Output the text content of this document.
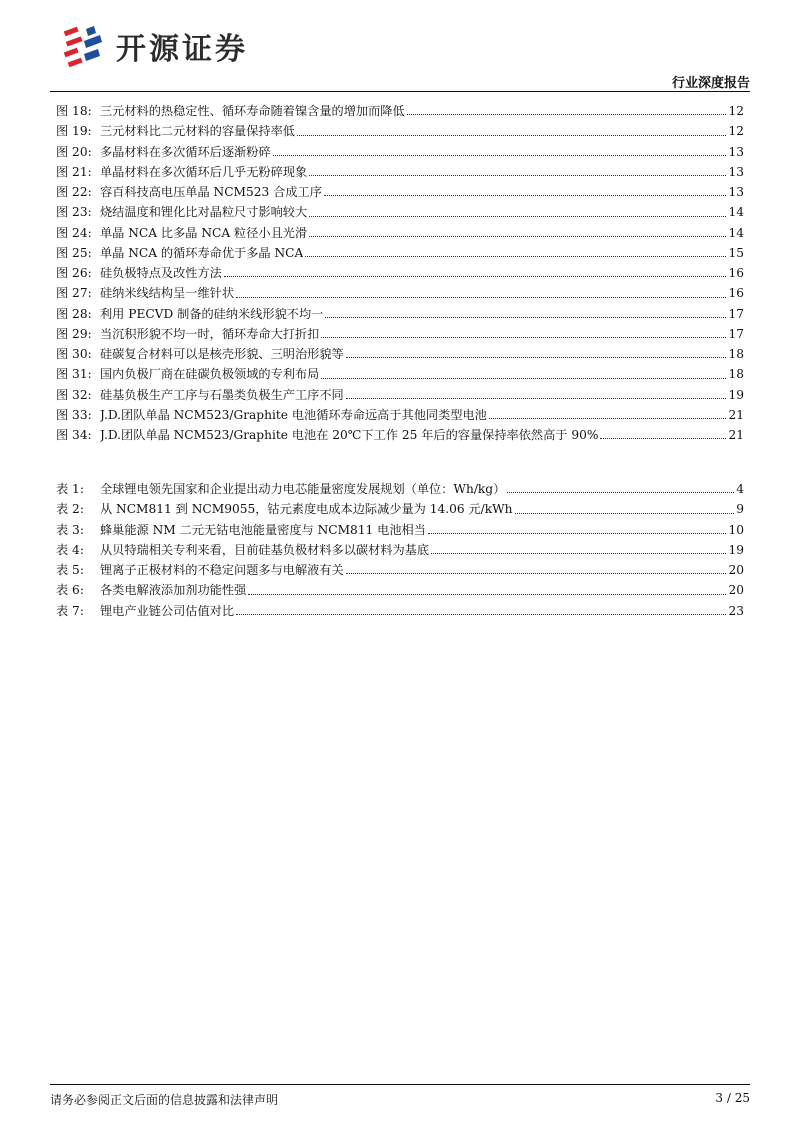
开源证券
行业深度报告
图 18: 三元材料的热稳定性、循环寿命随着镍含量的增加而降低	12
图 19: 三元材料比二元材料的容量保持率低	12
图 20: 多晶材料在多次循环后逐渐粉碎	13
图 21: 单晶材料在多次循环后几乎无粉碎现象	13
图 22: 容百科技高电压单晶 NCM523 合成工序	13
图 23: 烧结温度和锂化比对晶粒尺寸影响较大	14
图 24: 单晶 NCA 比多晶 NCA 粒径小且光滑	14
图 25: 单晶 NCA 的循环寿命优于多晶 NCA	15
图 26: 硅负极特点及改性方法	16
图 27: 硅纳米线结构呈一维针状	16
图 28: 利用 PECVD 制备的硅纳米线形貌不均一	17
图 29: 当沉积形貌不均一时，循环寿命大打折扣	17
图 30: 硅碳复合材料可以是核壳形貌、三明治形貌等	18
图 31: 国内负极厂商在硅碳负极领域的专利布局	18
图 32: 硅基负极生产工序与石墨类负极生产工序不同	19
图 33: J.D.团队单晶 NCM523/Graphite 电池循环寿命远高于其他同类型电池	21
图 34: J.D.团队单晶 NCM523/Graphite 电池在 20℃下工作 25 年后的容量保持率依然高于 90%	21
表 1:	全球锂电领先国家和企业提出动力电芯能量密度发展规划（单位：Wh/kg）	4
表 2:	从 NCM811 到 NCM9055，钴元素度电成本边际减少量为 14.06 元/kWh	9
表 3:	蜂巢能源 NM 二元无钴电池能量密度与 NCM811 电池相当	10
表 4:	从贝特瑞相关专利来看，目前硅基负极材料多以碳材料为基底	19
表 5:	锂离子正极材料的不稳定问题多与电解液有关	20
表 6:	各类电解液添加剂功能性强	20
表 7:	锂电产业链公司估值对比	23
请务必参阅正文后面的信息披露和法律声明	3 / 25
